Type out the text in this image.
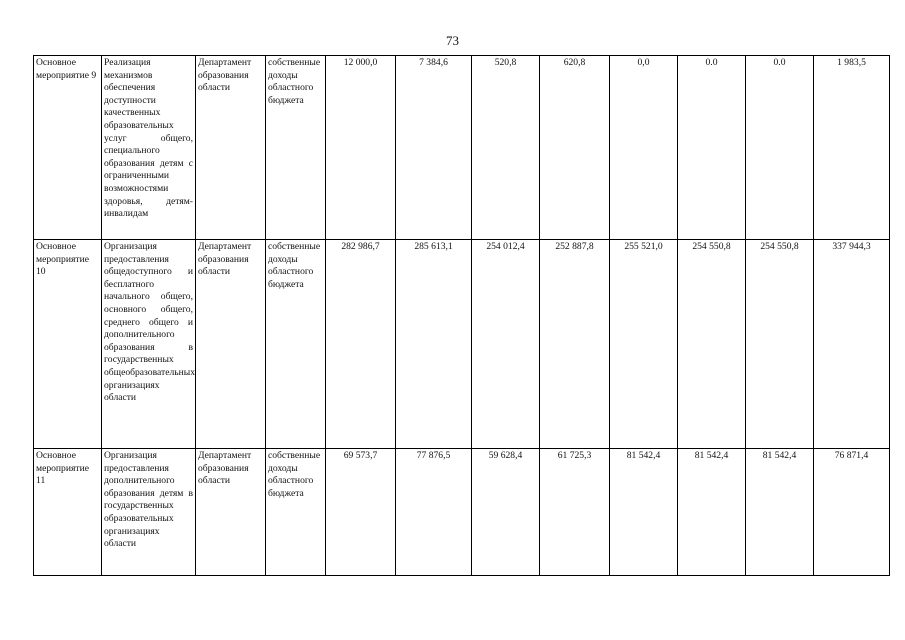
73
Основное мероприятие 9	Реализация механизмов обеспечения доступности качественных образовательных услуг общего, специального образования детям с ограниченными возможностями здоровья, детям-инвалидам	Департамент образования области	собственные доходы областного бюджета	12 000,0	7 384,6	520,8	620,8	0,0	0.0	0.0	1 983,5
Основное мероприятие 10	Организация предоставления общедоступного и бесплатного начального общего, основного общего, среднего общего и дополнительного образования в государственных общеобразовательных организациях области	Департамент образования области	собственные доходы областного бюджета	282 986,7	285 613,1	254 012,4	252 887,8	255 521,0	254 550,8	254 550,8	337 944,3
Основное мероприятие 11	Организация предоставления дополнительного образования детям в государственных образовательных организациях области	Департамент образования области	собственные доходы областного бюджета	69 573,7	77 876,5	59 628,4	61 725,3	81 542,4	81 542,4	81 542,4	76 871,4
